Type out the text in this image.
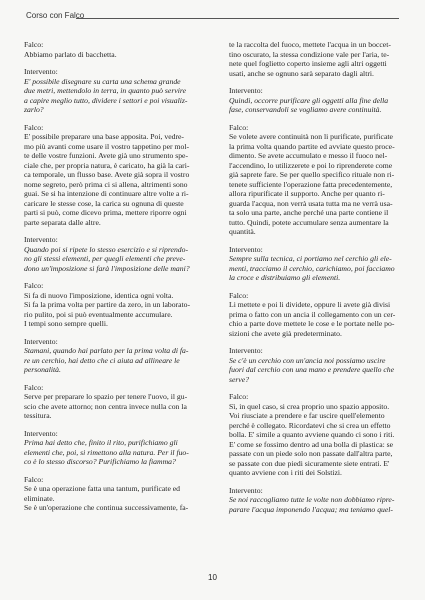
Corso con Falco
Falco:
Abbiamo parlato di bacchetta.
Intervento:
E' possibile disegnare su carta una schema grande
due metri, mettendolo in terra, in quanto può servire
a capire meglio tutto, dividere i settori e poi visualiz-
zarlo?
Falco:
E' possibile preparare una base apposita. Poi, vedre-
mo più avanti come usare il vostro tappetino per mol-
te delle vostre funzioni. Avete già uno strumento spe-
ciale che, per propria natura, è caricato, ha già la cari-
ca temporale, un flusso base. Avete già sopra il vostro
nome segreto, però prima ci si allena, altrimenti sono
guai. Se si ha intenzione di continuare altre volte a ri-
caricare le stesse cose, la carica su ognuna di queste
parti si può, come dicevo prima, mettere riporre ogni
parte separata dalle altre.
Intervento:
Quando poi si ripete lo stesso esercizio e si riprendo-
no gli stessi elementi, per quegli elementi che preve-
dono un'imposizione si farà l'imposizione delle mani?
Falco:
Si fa di nuovo l'imposizione, identica ogni volta.
Si fa la prima volta per partire da zero, in un laborato-
rio pulito, poi si può eventualmente accumulare.
I tempi sono sempre quelli.
Intervento:
Stamani, quando hai parlato per la prima volta di fa-
re un cerchio, hai detto che ci aiuta ad allineare le
personalità.
Falco:
Serve per preparare lo spazio per tenere l'uovo, il gu-
scio che avete attorno; non centra invece nulla con la
tessitura.
Intervento:
Prima hai detto che, finito il rito, purifichiamo gli
elementi che, poi, si rimettono alla natura. Per il fuo-
co è lo stesso discorso? Purifichiamo la fiamma?
Falco:
Se è una operazione fatta una tantum, purificate ed
eliminate.
Se è un'operazione che continua successivamente, fa-
te la raccolta del fuoco, mettete l'acqua in un boccet-
tino oscurato, la stessa condizione vale per l'aria, te-
nete quel foglietto coperto insieme agli altri oggetti
usati, anche se ognuno sarà separato dagli altri.
Intervento:
Quindi, occorre purificare gli oggetti alla fine della
fase, conservandoli se vogliamo avere continuità.
Falco:
Se volete avere continuità non li purificate, purificate
la prima volta quando partite ed avviate questo proce-
dimento. Se avete accumulato e messo il fuoco nel-
l'accendino, lo utilizzerete e poi lo riprenderete come
già saprete fare. Se per quello specifico rituale non ri-
tenete sufficiente l'operazione fatta precedentemente,
allora ripurificate il supporto. Anche per quanto ri-
guarda l'acqua, non verrà usata tutta ma ne verrà usa-
ta solo una parte, anche perché una parte contiene il
tutto. Quindi, potete accumulare senza aumentare la
quantità.
Intervento:
Sempre sulla tecnica, ci portiamo nel cerchio gli ele-
menti, tracciamo il cerchio, carichiamo, poi facciamo
la croce e distribuiamo gli elementi.
Falco:
Li mettete e poi li dividete, oppure li avete già divisi
prima o fatto con un ancia il collegamento con un cer-
chio a parte dove mettete le cose e le portate nelle po-
sizioni che avete già predeterminato.
Intervento:
Se c'è un cerchio con un'ancia noi possiamo uscire
fuori dal cerchio con una mano e prendere quello che
serve?
Falco:
Sì, in quel caso, si crea proprio uno spazio apposito.
Voi riusciate a prendere e far uscire quell'elemento
perché è collegato. Ricordatevi che si crea un effetto
bolla. E' simile a quanto avviene quando ci sono i riti.
E' come se fossimo dentro ad una bolla di plastica: se
passate con un piede solo non passate dall'altra parte,
se passate con due piedi sicuramente siete entrati. E'
quanto avviene con i riti dei Solstizi.
Intervento:
Se noi raccogliamo tutte le volte non dobbiamo ripre-
parare l'acqua imponendo l'acqua; ma teniamo quel-
10
